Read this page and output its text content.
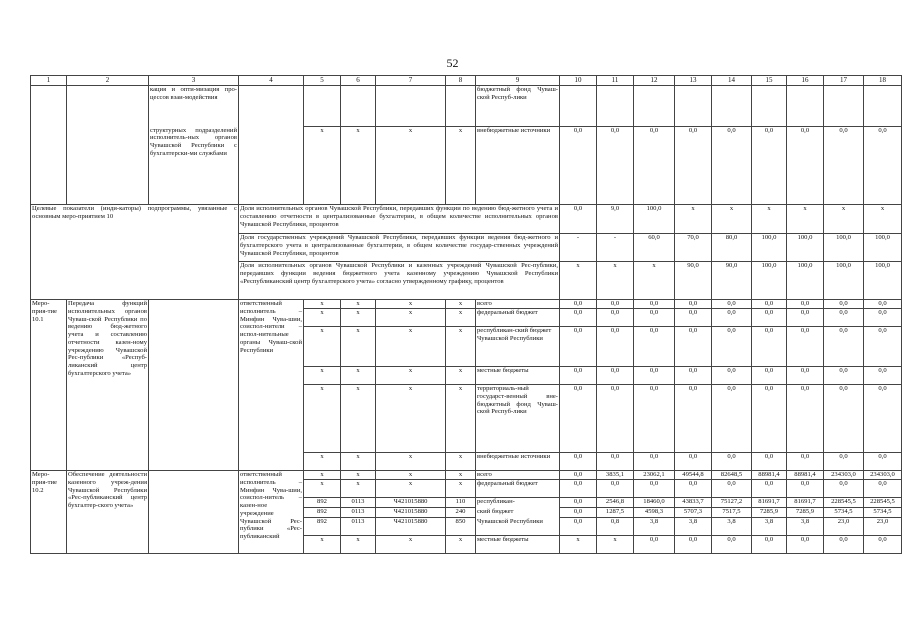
52
1	2	3	4	5	6	7	8	9	10	11	12	13	14	15	16	17	18
		кация и опти-мизация про-цессов взаи-модействия						бюджетный фонд Чуваш-ской Респуб-лики									
		структурных подразделений исполнитель-ных органов Чувашской Республики с бухгалтерски-ми службами		x	x	x	x	внебюджетные источники	0,0	0,0	0,0	0,0	0,0	0,0	0,0	0,0	0,0
Целевые показатели (инди-каторы) подпрограммы, увязанные с основным меро-приятием 10			Доля исполнительных органов Чувашской Республики, передавших функции по ведению бюд-жетного учета и составлению отчетности в централизованные бухгалтерии, в общем количестве исполнительных органов Чувашской Республики, процентов						0,0	9,0	100,0	x	x	x	x	x	x
			Доля государственных учреждений Чувашской Республики, передавших функции ведения бюд-жетного и бухгалтерского учета в централизованные бухгалтерии, в общем количестве государ-ственных учреждений Чувашской Республики, процентов						-	-	60,0	70,0	80,0	100,0	100,0	100,0	100,0
			Доля исполнительных органов Чувашской Республики и казенных учреждений Чувашской Рес-публики, передавших функции ведения бюджетного учета казенному учреждению Чувашской Республики «Республиканский центр бухгалтерского учета» согласно утвержденному графику, процентов						x	x	x	90,0	90,0	100,0	100,0	100,0	100,0
Меро-прия-тие 10.1	Передача функций исполнительных органов Чуваш-ской Республики по ведению бюд-жетного учета и составлению отчетности казен-ному учреждению Чувашской Рес-публики «Респуб-ликанский центр бухгалтерского учета»		ответственный исполнитель – Минфин Чува-шии, соиспол-нители – испол-нительные органы Чуваш-ской Республики	x	x	x	x	всего	0,0	0,0	0,0	0,0	0,0	0,0	0,0	0,0	0,0
				x	x	x	x	федеральный бюджет	0,0	0,0	0,0	0,0	0,0	0,0	0,0	0,0	0,0
				x	x	x	x	республикан-ский бюджет Чувашской Республики	0,0	0,0	0,0	0,0	0,0	0,0	0,0	0,0	0,0
				x	x	x	x	местные бюджеты	0,0	0,0	0,0	0,0	0,0	0,0	0,0	0,0	0,0
				x	x	x	x	территориаль-ный государст-венный вне-бюджетный фонд Чуваш-ской Респуб-лики	0,0	0,0	0,0	0,0	0,0	0,0	0,0	0,0	0,0
				x	x	x	x	внебюджетные источники	0,0	0,0	0,0	0,0	0,0	0,0	0,0	0,0	0,0
Меро-прия-тие 10.2	Обеспечение деятельности казенного учреж-дения Чувашской Республики «Рес-публиканский центр бухгалтер-ского учета»		ответственный исполнитель – Минфин Чува-шии, соиспол-нитель – казен-ное учреждение Чувашской Рес-публики «Рес-публиканский	x	x	x	x	всего	0,0	3835,1	23062,1	49544,8	82648,5	88981,4	88981,4	234303,0	234303,0
				x	x	x	x	федеральный бюджет	0,0	0,0	0,0	0,0	0,0	0,0	0,0	0,0	0,0
				892	0113	Ч421015880	110	республикан-	0,0	2546,8	18460,0	43833,7	75127,2	81691,7	81691,7	228545,5	228545,5
				892	0113	Ч421015880	240	ский бюджет	0,0	1287,5	4598,3	5707,3	7517,5	7285,9	7285,9	5734,5	5734,5
				892	0113	Ч421015880	850	Чувашской Республики	0,0	0,8	3,8	3,8	3,8	3,8	3,8	23,0	23,0
				x	x	x	x	местные бюджеты	x	x	0,0	0,0	0,0	0,0	0,0	0,0	0,0
